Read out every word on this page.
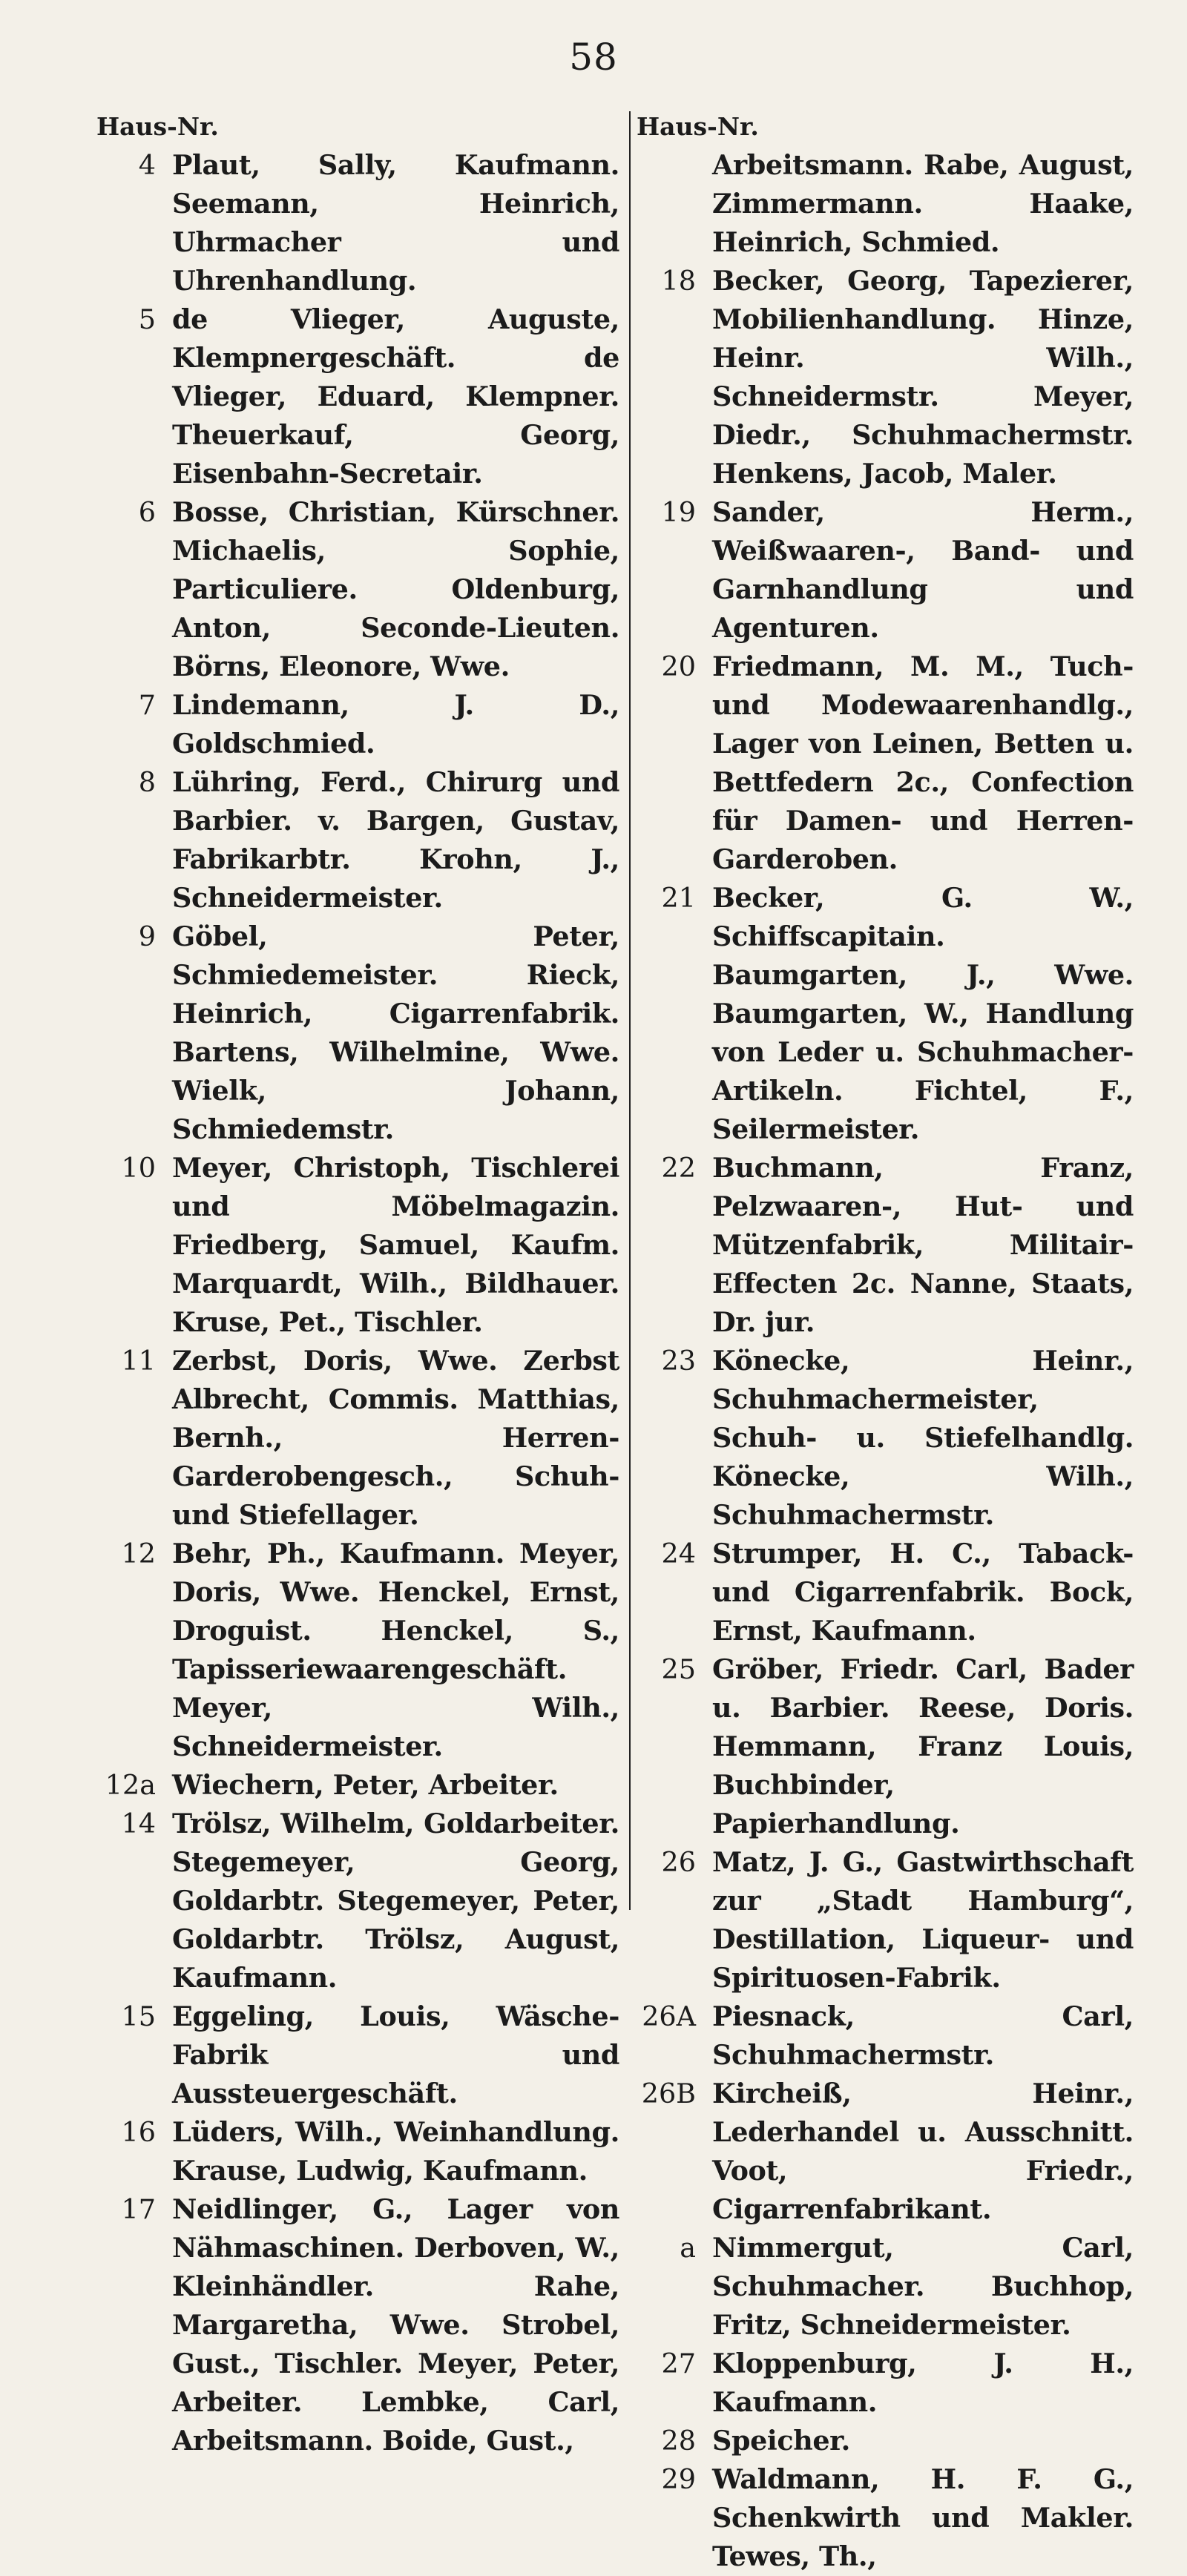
58
Haus-Nr.
4 Plaut, Sally, Kaufmann. Seemann, Heinrich, Uhrmacher und Uhrenhandlung.
5 de Vlieger, Auguste, Klempnergeschäft. de Vlieger, Eduard, Klempner. Theuerkauf, Georg, Eisenbahn-Secretair.
6 Bosse, Christian, Kürschner. Michaelis, Sophie, Particuliere. Oldenburg, Anton, Seconde-Lieuten. Börns, Eleonore, Wwe.
7 Lindemann, J. D., Goldschmied.
8 Lühring, Ferd., Chirurg und Barbier. v. Bargen, Gustav, Fabrikarbtr. Krohn, J., Schneidermeister.
9 Göbel, Peter, Schmiedemeister. Rieck, Heinrich, Cigarrenfabrik. Bartens, Wilhelmine, Wwe. Wielk, Johann, Schmiedemstr.
10 Meyer, Christoph, Tischlerei und Möbelmagazin. Friedberg, Samuel, Kaufm. Marquardt, Wilh., Bildhauer. Kruse, Pet., Tischler.
11 Zerbst, Doris, Wwe. Zerbst Albrecht, Commis. Matthias, Bernh., Herren-Garderobengesch., Schuh- und Stiefellager.
12 Behr, Ph., Kaufmann. Meyer, Doris, Wwe. Henckel, Ernst, Droguist. Henckel, S., Tapisseriewaarengeschäft. Meyer, Wilh., Schneidermeister.
12a Wiechern, Peter, Arbeiter.
14 Trölsz, Wilhelm, Goldarbeiter. Stegemeyer, Georg, Goldarbtr. Stegemeyer, Peter, Goldarbtr. Trölsz, August, Kaufmann.
15 Eggeling, Louis, Wäsche-Fabrik und Aussteuergeschäft.
16 Lüders, Wilh., Weinhandlung. Krause, Ludwig, Kaufmann.
17 Neidlinger, G., Lager von Nähmaschinen. Derboven, W., Kleinhändler. Rahe, Margaretha, Wwe. Strobel, Gust., Tischler. Meyer, Peter, Arbeiter. Lembke, Carl, Arbeitsmann. Boide, Gust.,
Haus-Nr.
Arbeitsmann. Rabe, August, Zimmermann. Haake, Heinrich, Schmied.
18 Becker, Georg, Tapezierer, Mobilienhandlung. Hinze, Heinr. Wilh., Schneidermstr. Meyer, Diedr., Schuhmachermstr. Henkens, Jacob, Maler.
19 Sander, Herm., Weißwaaren-, Band- und Garnhandlung und Agenturen.
20 Friedmann, M. M., Tuch- und Modewaarenhandlg., Lager von Leinen, Betten u. Bettfedern 2c., Confection für Damen- und Herren-Garderoben.
21 Becker, G. W., Schiffscapitain. Baumgarten, J., Wwe. Baumgarten, W., Handlung von Leder u. Schuhmacher-Artikeln. Fichtel, F., Seilermeister.
22 Buchmann, Franz, Pelzwaaren-, Hut- und Mützenfabrik, Militair-Effecten 2c. Nanne, Staats, Dr. jur.
23 Könecke, Heinr., Schuhmachermeister, Schuh- u. Stiefelhandlg. Könecke, Wilh., Schuhmachermstr.
24 Strumper, H. C., Taback- und Cigarrenfabrik. Bock, Ernst, Kaufmann.
25 Gröber, Friedr. Carl, Bader u. Barbier. Reese, Doris. Hemmann, Franz Louis, Buchbinder, Papierhandlung.
26 Matz, J. G., Gastwirthschaft zur „Stadt Hamburg“, Destillation, Liqueur- und Spirituosen-Fabrik.
26A Piesnack, Carl, Schuhmachermstr.
26B Kircheiß, Heinr., Lederhandel u. Ausschnitt. Voot, Friedr., Cigarrenfabrikant.
a Nimmergut, Carl, Schuhmacher. Buchhop, Fritz, Schneidermeister.
27 Kloppenburg, J. H., Kaufmann.
28 Speicher.
29 Waldmann, H. F. G., Schenkwirth und Makler. Tewes, Th.,
